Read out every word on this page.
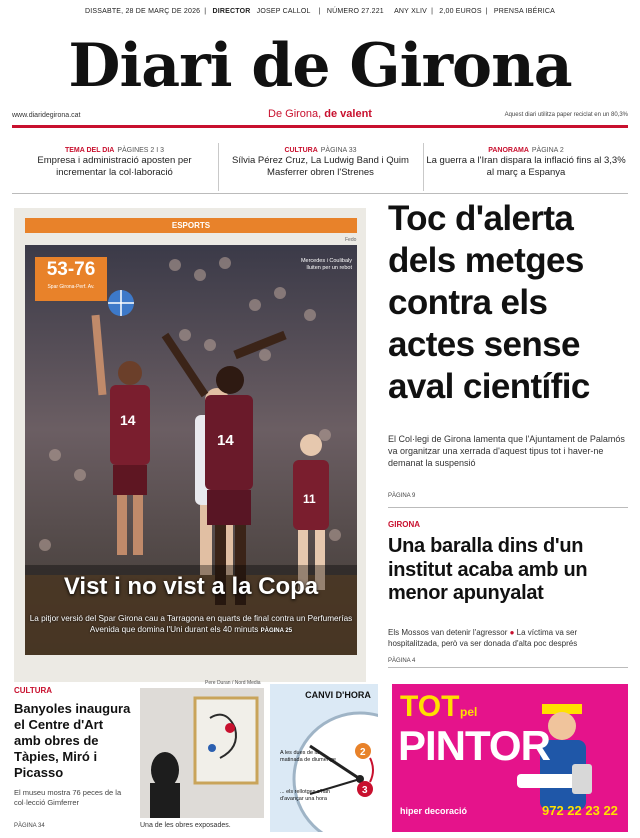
DISSABTE, 28 DE MARÇ DE 2026 | DIRECTOR JOSEP CALLOL | NÚMERO 27.221 ANY XLIV | 2,00 EUROS | PRENSA IBÉRICA
Diari de Girona
www.diaridegirona.cat	De Girona, de valent	Aquest diari utilitza paper reciclat en un 80,3%
TEMA DEL DIA PÀGINES 2 I 3
Empresa i administració aposten per incrementar la col·laboració
CULTURA PÀGINA 33
Sílvia Pérez Cruz, La Ludwig Band i Quim Masferrer obren l'Strenes
PANORAMA PÀGINA 2
La guerra a l'Iran dispara la inflació fins al 3,3% al març a Espanya
ESPORTS
Fedo
14
14
11
53-76
Spar Girona-Perf. Av.
Mercedes i Coulibaly lluiten per un rebot
Vist i no vist a la Copa
La pitjor versió del Spar Girona cau a Tarragona en quarts de final contra un Perfumerías Avenida que domina l'Uni durant els 40 minuts PÀGINA 25
Toc d'alerta dels metges contra els actes sense aval científic
El Col·legi de Girona lamenta que l'Ajuntament de Palamós va organitzar una xerrada d'aquest tipus tot i haver-ne demanat la suspensió
PÀGINA 9
GIRONA
Una baralla dins d'un institut acaba amb un menor apunyalat
Els Mossos van detenir l'agressor ● La víctima va ser hospitalitzada, però va ser donada d'alta poc després
PÀGINA 4
CULTURA
Banyoles inaugura el Centre d'Art amb obres de Tàpies, Miró i Picasso
El museu mostra 76 peces de la col·lecció Gimferrer
PÀGINA 34
Pere Duran / Nord Media
Una de les obres exposades.
2
3
CANVI D'HORA
A les dues de la matinada de diumenge
... els rellotges s'han d'avançar una hora
TOT pel
PINTOR
hiper decoració	972 22 23 22
